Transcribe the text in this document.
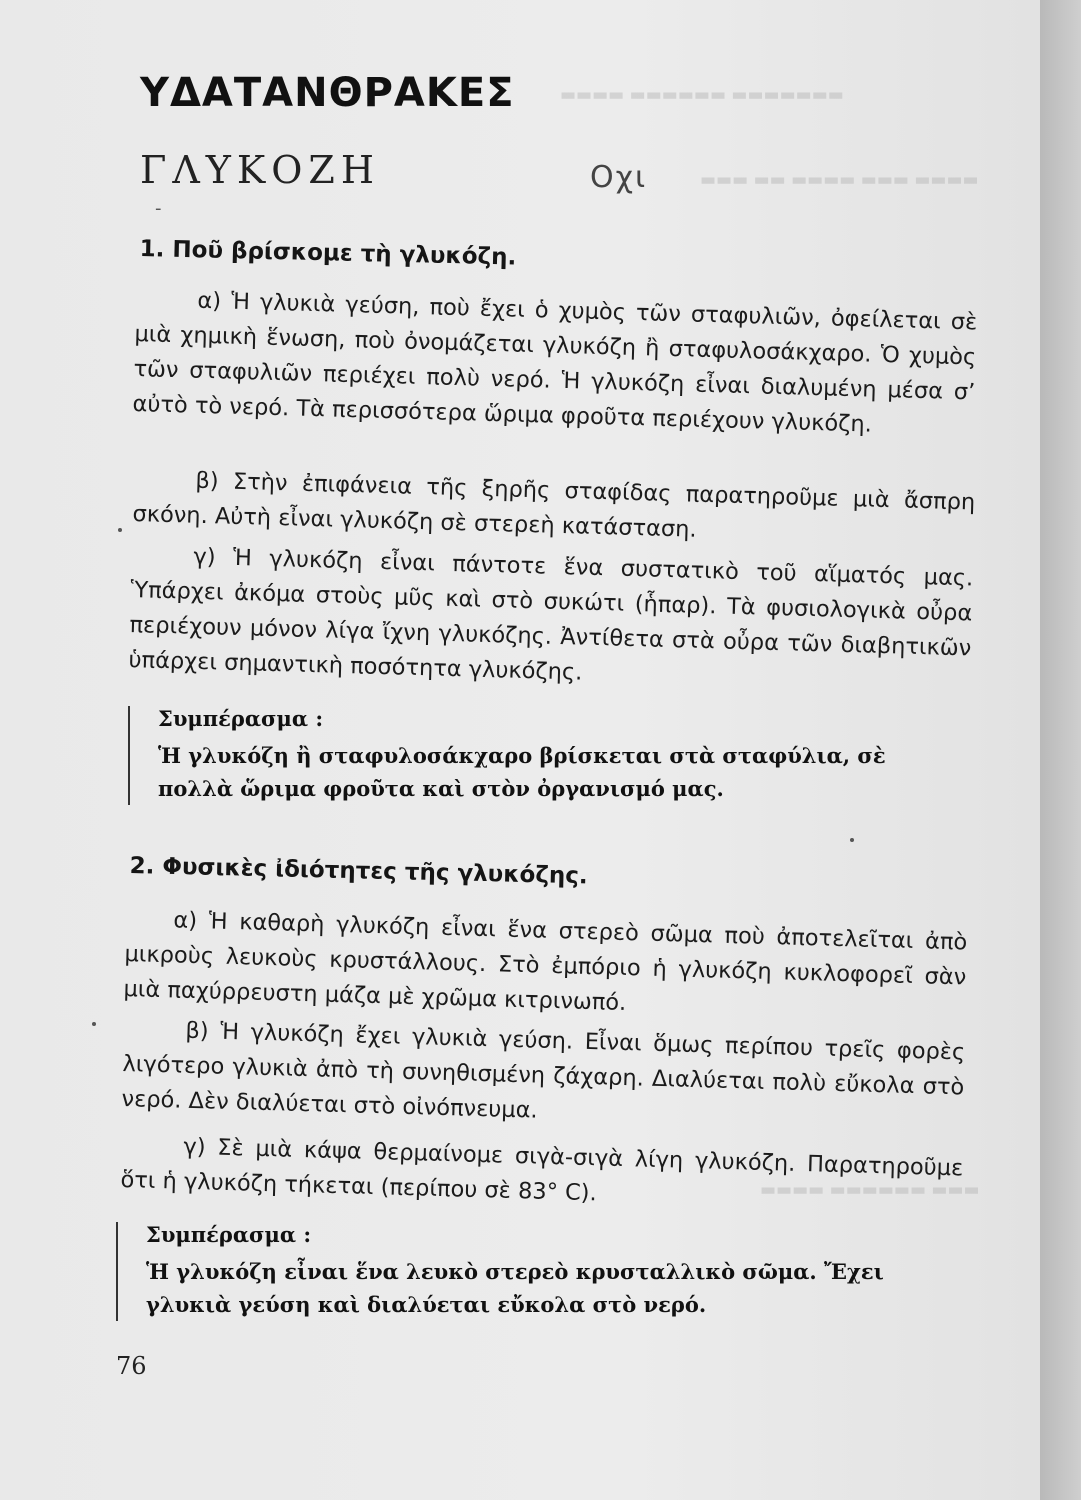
▬▬▬▬ ▬▬▬▬▬▬ ▬▬▬▬▬▬▬
▬▬▬ ▬▬ ▬▬▬▬ ▬▬▬ ▬▬▬▬
▬▬▬▬ ▬▬▬▬▬▬ ▬▬▬
ΥΔΑΤΑΝΘΡΑΚΕΣ
ΓΛΥΚΟΖΗ	Οχι
-
1. Ποῦ βρίσκομε τὴ γλυκόζη.

α) Ἡ γλυκιὰ γεύση, ποὺ ἔχει ὁ χυμὸς τῶν σταφυλιῶν, ὀφείλεται σὲ μιὰ χημικὴ ἕνωση, ποὺ ὀνομάζεται γλυκόζη ἢ σταφυλοσάκχαρο. Ὁ χυμὸς τῶν σταφυλιῶν περιέχει πολὺ νερό. Ἡ γλυκόζη εἶναι διαλυμένη μέσα σ’ αὐτὸ τὸ νερό. Τὰ περισσότερα ὥριμα φροῦτα περιέχουν γλυκόζη.

β) Στὴν ἐπιφάνεια τῆς ξηρῆς σταφίδας παρατηροῦμε μιὰ ἄσπρη σκόνη. Αὐτὴ εἶναι γλυκόζη σὲ στερεὴ κατάσταση.

γ) Ἡ γλυκόζη εἶναι πάντοτε ἕνα συστατικὸ τοῦ αἵματός μας. Ὑπάρχει ἀκόμα στοὺς μῦς καὶ στὸ συκώτι (ἧπαρ). Τὰ φυσιολογικὰ οὖρα περιέχουν μόνον λίγα ἴχνη γλυκόζης. Ἀντίθετα στὰ οὖρα τῶν διαβητικῶν ὑπάρχει σημαντικὴ ποσότητα γλυκόζης.

Συμπέρασμα :
Ἡ γλυκόζη ἢ σταφυλοσάκχαρο βρίσκεται στὰ σταφύλια, σὲ πολλὰ ὥριμα φροῦτα καὶ στὸν ὀργανισμό μας.
2. Φυσικὲς ἰδιότητες τῆς γλυκόζης.

α) Ἡ καθαρὴ γλυκόζη εἶναι ἕνα στερεὸ σῶμα ποὺ ἀποτελεῖται ἀπὸ μικροὺς λευκοὺς κρυστάλλους. Στὸ ἐμπόριο ἡ γλυκόζη κυκλοφορεῖ σὰν μιὰ παχύρρευστη μάζα μὲ χρῶμα κιτρινωπό.

β) Ἡ γλυκόζη ἔχει γλυκιὰ γεύση. Εἶναι ὅμως περίπου τρεῖς φορὲς λιγότερο γλυκιὰ ἀπὸ τὴ συνηθισμένη ζάχαρη. Διαλύεται πολὺ εὔκολα στὸ νερό. Δὲν διαλύεται στὸ οἰνόπνευμα.

γ) Σὲ μιὰ κάψα θερμαίνομε σιγὰ-σιγὰ λίγη γλυκόζη. Παρατηροῦμε ὅτι ἡ γλυκόζη τήκεται (περίπου σὲ 83° C).

Συμπέρασμα :
Ἡ γλυκόζη εἶναι ἕνα λευκὸ στερεὸ κρυσταλλικὸ σῶμα. Ἔχει γλυκιὰ γεύση καὶ διαλύεται εὔκολα στὸ νερό.
76
